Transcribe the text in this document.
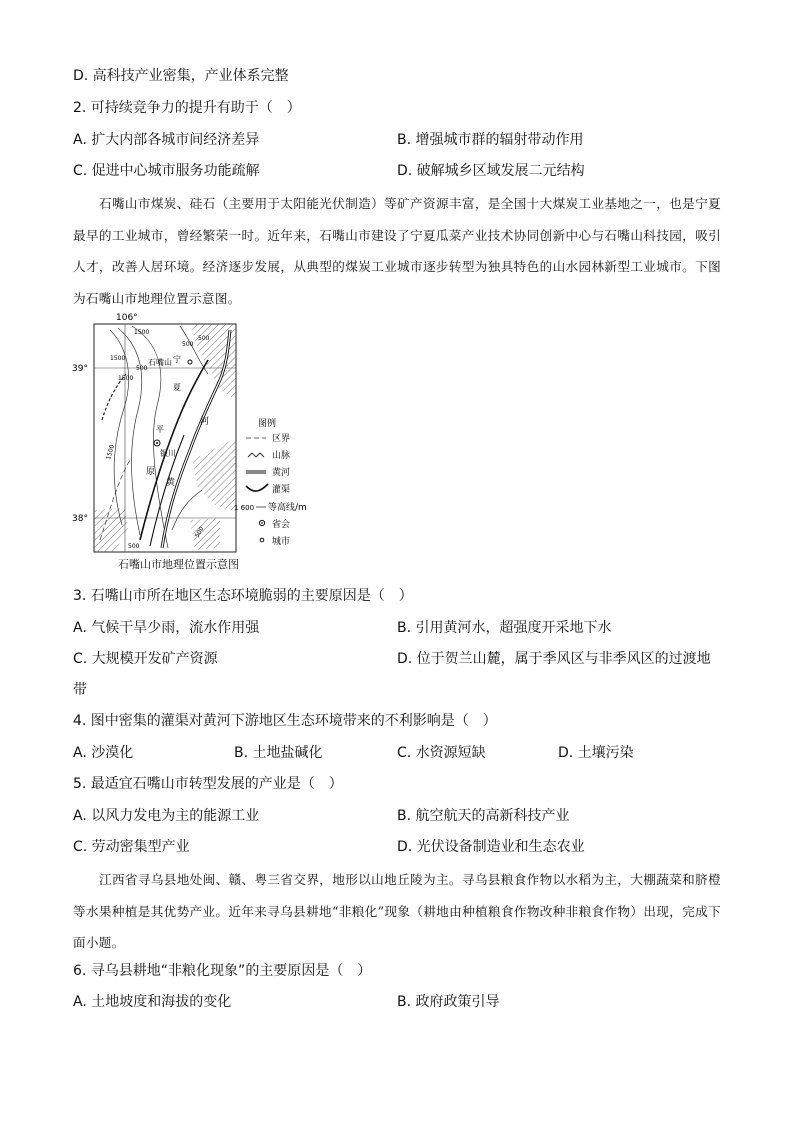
D. 高科技产业密集，产业体系完整
2. 可持续竞争力的提升有助于（　）
A. 扩大内部各城市间经济差异	B. 增强城市群的辐射带动作用
C. 促进中心城市服务功能疏解	D. 破解城乡区域发展二元结构
石嘴山市煤炭、硅石（主要用于太阳能光伏制造）等矿产资源丰富，是全国十大煤炭工业基地之一，也是宁夏最早的工业城市，曾经繁荣一时。近年来，石嘴山市建设了宁夏瓜菜产业技术协同创新中心与石嘴山科技园，吸引人才，改善人居环境。经济逐步发展，从典型的煤炭工业城市逐步转型为独具特色的山水园林新型工业城市。下图为石嘴山市地理位置示意图。
106°
39°
38°
1500
1500
1500
1500
500
500
500
500
500
石嘴山
银川
宁
夏
平
原
黄
河	图例
区界
山脉
黄河
灌渠
1 600 等高线/m
省会
城市
石嘴山市地理位置示意图
3. 石嘴山市所在地区生态环境脆弱的主要原因是（　）
A. 气候干旱少雨，流水作用强	B. 引用黄河水，超强度开采地下水
C. 大规模开发矿产资源	D. 位于贺兰山麓，属于季风区与非季风区的过渡地
带
4. 图中密集的灌渠对黄河下游地区生态环境带来的不利影响是（　）
A. 沙漠化	B. 土地盐碱化	C. 水资源短缺	D. 土壤污染
5. 最适宜石嘴山市转型发展的产业是（　）
A. 以风力发电为主的能源工业	B. 航空航天的高新科技产业
C. 劳动密集型产业	D. 光伏设备制造业和生态农业
江西省寻乌县地处闽、赣、粤三省交界，地形以山地丘陵为主。寻乌县粮食作物以水稻为主，大棚蔬菜和脐橙等水果种植是其优势产业。近年来寻乌县耕地“非粮化”现象（耕地由种植粮食作物改种非粮食作物）出现，完成下面小题。
6. 寻乌县耕地“非粮化现象”的主要原因是（　）
A. 土地坡度和海拔的变化	B. 政府政策引导
